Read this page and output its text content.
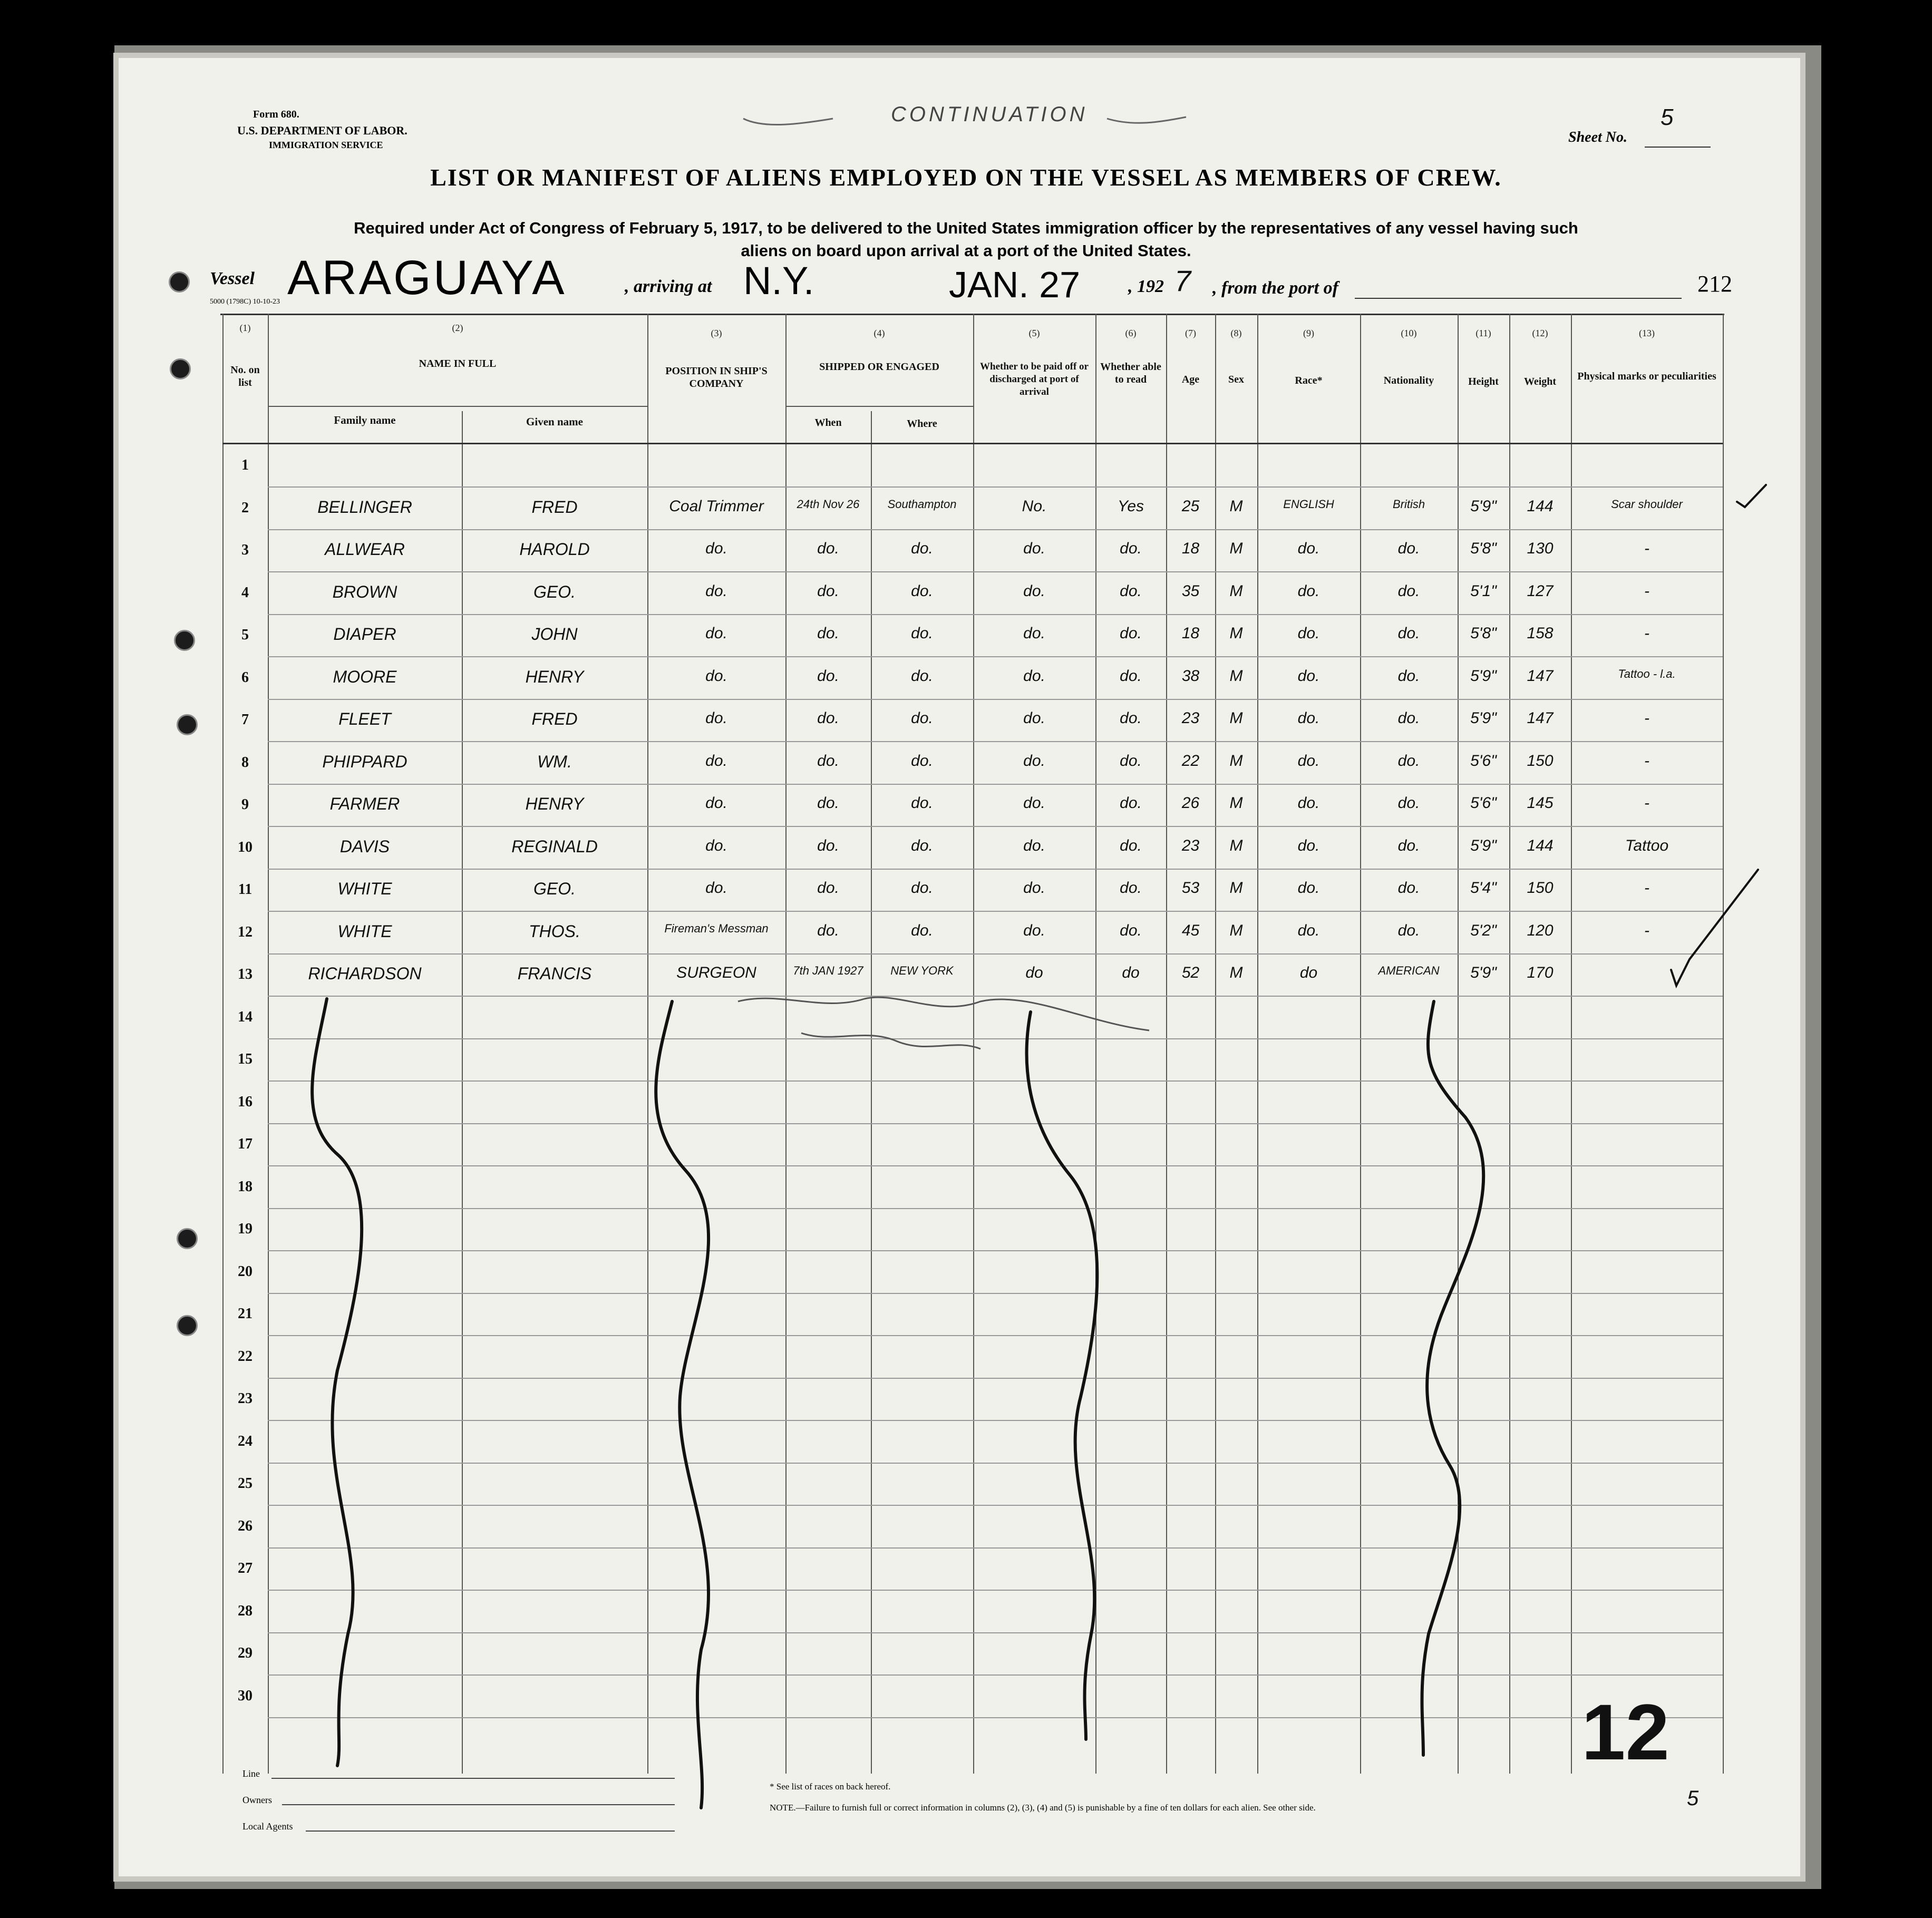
Form 680.
U.S. DEPARTMENT OF LABOR.
IMMIGRATION SERVICE
CONTINUATION
Sheet No.
5
LIST OR MANIFEST OF ALIENS EMPLOYED ON THE VESSEL AS MEMBERS OF CREW.
Required under Act of Congress of February 5, 1917, to be delivered to the United States immigration officer by the representatives of any vessel having such
aliens on board upon arrival at a port of the United States.
Vessel ARAGUAYA	, arriving at N.Y.	JAN. 27	, 192 7 , from the port of	212
5000 (1798C) 10-10-23
(1)	(2)	(3)	(4)	(5)	(6)	(7)	(8)	(9)	(10)	(11)	(12)	(13)
No. on list
NAME IN FULL
Family name	Given name
POSITION IN SHIP'S COMPANY
SHIPPED OR ENGAGED
When	Where
Whether to be paid off or discharged at port of arrival
Whether able to read	Age	Sex	Race*	Nationality	Height	Weight	Physical marks or peculiarities
1
2	BELLINGER	FRED	Coal Trimmer	24th Nov 26	Southampton	No.	Yes	25	M	ENGLISH	British	5'9"	144	Scar shoulder
3	ALLWEAR	HAROLD	do.	do.	do.	do.	do.	18	M	do.	do.	5'8"	130	-
4	BROWN	GEO.	do.	do.	do.	do.	do.	35	M	do.	do.	5'1"	127	-
5	DIAPER	JOHN	do.	do.	do.	do.	do.	18	M	do.	do.	5'8"	158	-
6	MOORE	HENRY	do.	do.	do.	do.	do.	38	M	do.	do.	5'9"	147	Tattoo - l.a.
7	FLEET	FRED	do.	do.	do.	do.	do.	23	M	do.	do.	5'9"	147	-
8	PHIPPARD	WM.	do.	do.	do.	do.	do.	22	M	do.	do.	5'6"	150	-
9	FARMER	HENRY	do.	do.	do.	do.	do.	26	M	do.	do.	5'6"	145	-
10	DAVIS	REGINALD	do.	do.	do.	do.	do.	23	M	do.	do.	5'9"	144	Tattoo
11	WHITE	GEO.	do.	do.	do.	do.	do.	53	M	do.	do.	5'4"	150	-
12	WHITE	THOS.	Fireman's Messman	do.	do.	do.	do.	45	M	do.	do.	5'2"	120	-
13	RICHARDSON	FRANCIS	SURGEON	7th JAN 1927	NEW YORK	do	do	52	M	do	AMERICAN	5'9"	170
14
15
16
17
18
19
20
21
22
23
24
25
26
27
28
29
30
Line
Owners
Local Agents
* See list of races on back hereof.
NOTE.—Failure to furnish full or correct information in columns (2), (3), (4) and (5) is punishable by a fine of ten dollars for each alien. See other side.
12
5
